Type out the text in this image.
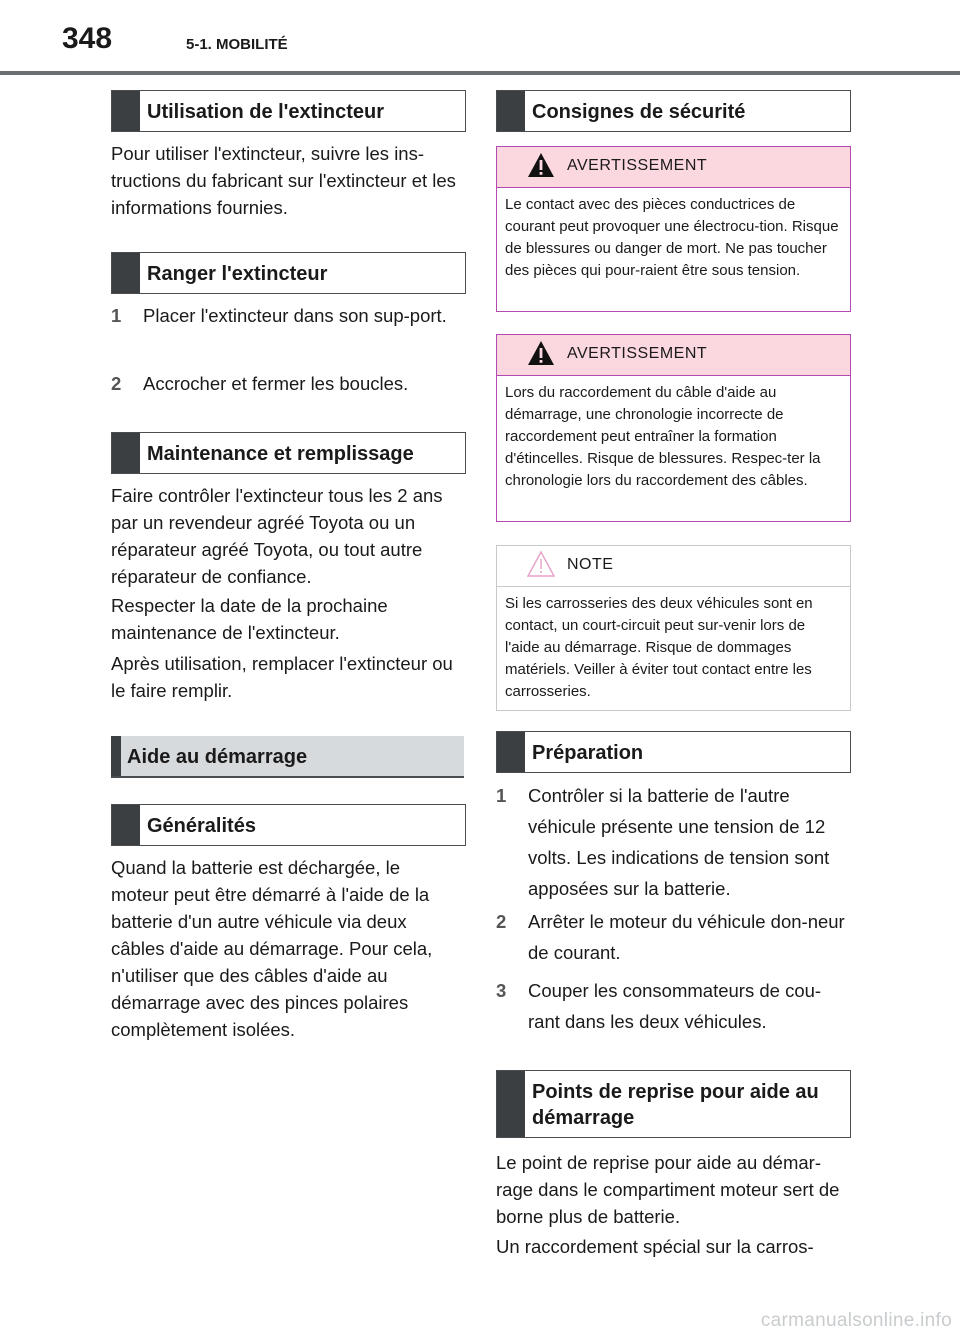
348	5-1. MOBILITÉ
Utilisation de l'extincteur
Pour utiliser l'extincteur, suivre les ins-tructions du fabricant sur l'extincteur et les informations fournies.
Ranger l'extincteur
1 Placer l'extincteur dans son sup-port.
2 Accrocher et fermer les boucles.
Maintenance et remplissage
Faire contrôler l'extincteur tous les 2 ans par un revendeur agréé Toyota ou un réparateur agréé Toyota, ou tout autre réparateur de confiance.
Respecter la date de la prochaine maintenance de l'extincteur.
Après utilisation, remplacer l'extincteur ou le faire remplir.
Aide au démarrage
Généralités
Quand la batterie est déchargée, le moteur peut être démarré à l'aide de la batterie d'un autre véhicule via deux câbles d'aide au démarrage. Pour cela, n'utiliser que des câbles d'aide au démarrage avec des pinces polaires complètement isolées.
Consignes de sécurité
AVERTISSEMENT
Le contact avec des pièces conductrices de courant peut provoquer une électrocu-tion. Risque de blessures ou danger de mort. Ne pas toucher des pièces qui pour-raient être sous tension.
AVERTISSEMENT
Lors du raccordement du câble d'aide au démarrage, une chronologie incorrecte de raccordement peut entraîner la formation d'étincelles. Risque de blessures. Respec-ter la chronologie lors du raccordement des câbles.
NOTE
Si les carrosseries des deux véhicules sont en contact, un court-circuit peut sur-venir lors de l'aide au démarrage. Risque de dommages matériels. Veiller à éviter tout contact entre les carrosseries.
Préparation
1 Contrôler si la batterie de l'autre véhicule présente une tension de 12 volts. Les indications de tension sont apposées sur la batterie.
2 Arrêter le moteur du véhicule don-neur de courant.
3 Couper les consommateurs de cou-rant dans les deux véhicules.
Points de reprise pour aide au démarrage
Le point de reprise pour aide au démar-rage dans le compartiment moteur sert de borne plus de batterie.
Un raccordement spécial sur la carros-
carmanualsonline.info
